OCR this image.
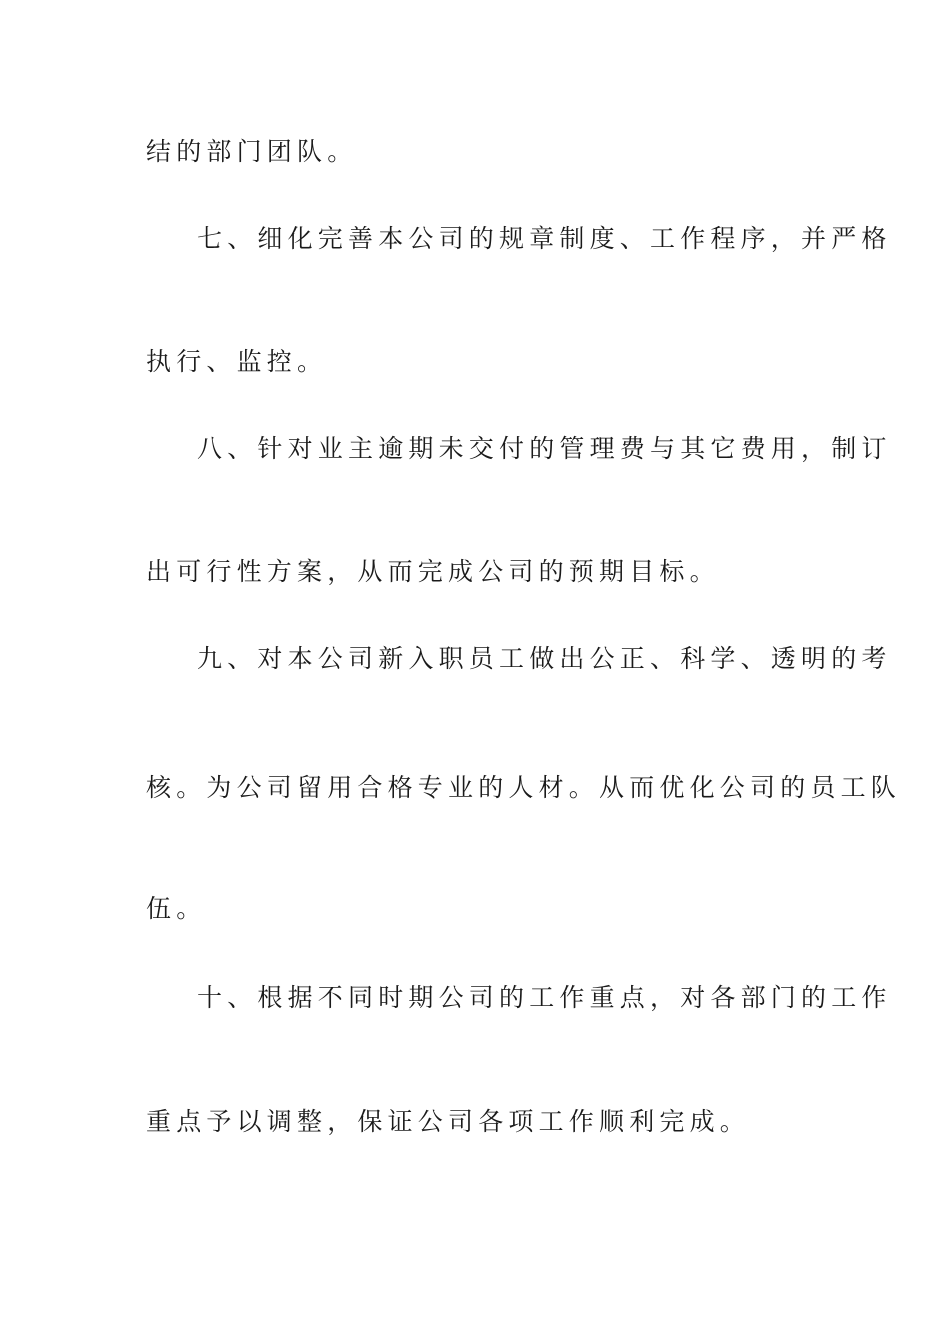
结的部门团队。
七、细化完善本公司的规章制度、工作程序，并严格
执行、监控。
八、针对业主逾期未交付的管理费与其它费用，制订
出可行性方案，从而完成公司的预期目标。
九、对本公司新入职员工做出公正、科学、透明的考
核。为公司留用合格专业的人材。从而优化公司的员工队
伍。
十、根据不同时期公司的工作重点，对各部门的工作
重点予以调整，保证公司各项工作顺利完成。
